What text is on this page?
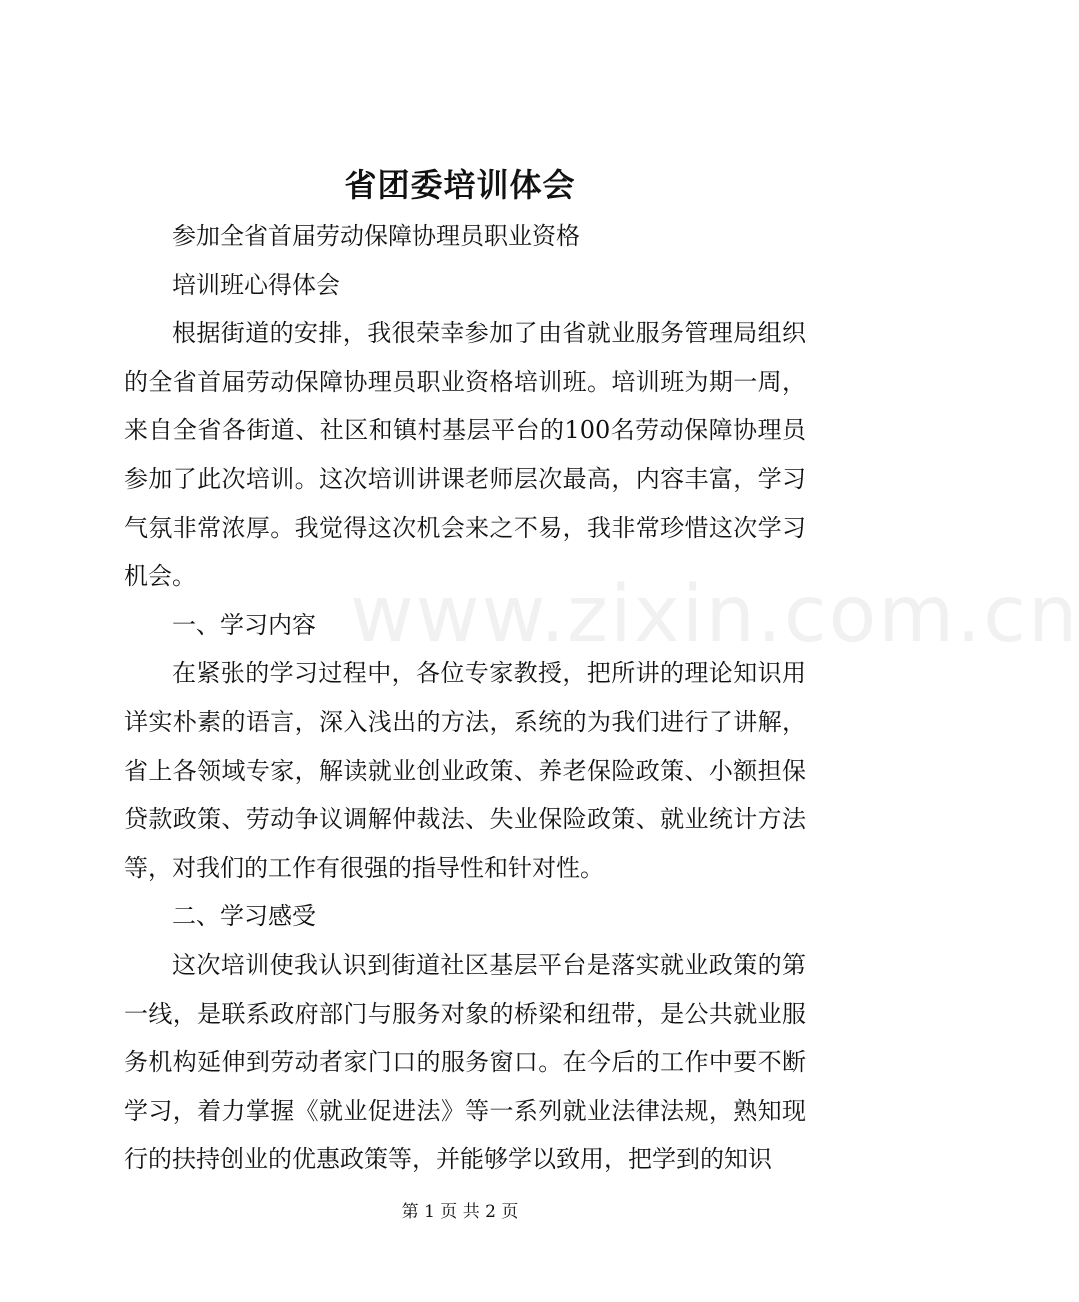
www.zixin.com.cn
省团委培训体会

参加全省首届劳动保障协理员职业资格

培训班心得体会

根据街道的安排，我很荣幸参加了由省就业服务管理局组织的全省首届劳动保障协理员职业资格培训班。培训班为期一周，来自全省各街道、社区和镇村基层平台的100名劳动保障协理员参加了此次培训。这次培训讲课老师层次最高，内容丰富，学习气氛非常浓厚。我觉得这次机会来之不易，我非常珍惜这次学习机会。

一、学习内容

在紧张的学习过程中，各位专家教授，把所讲的理论知识用详实朴素的语言，深入浅出的方法，系统的为我们进行了讲解，省上各领域专家，解读就业创业政策、养老保险政策、小额担保贷款政策、劳动争议调解仲裁法、失业保险政策、就业统计方法等，对我们的工作有很强的指导性和针对性。

二、学习感受

这次培训使我认识到街道社区基层平台是落实就业政策的第一线，是联系政府部门与服务对象的桥梁和纽带，是公共就业服务机构延伸到劳动者家门口的服务窗口。在今后的工作中要不断学习，着力掌握《就业促进法》等一系列就业法律法规，熟知现行的扶持创业的优惠政策等，并能够学以致用，把学到的知识

第 1 页 共 2 页
